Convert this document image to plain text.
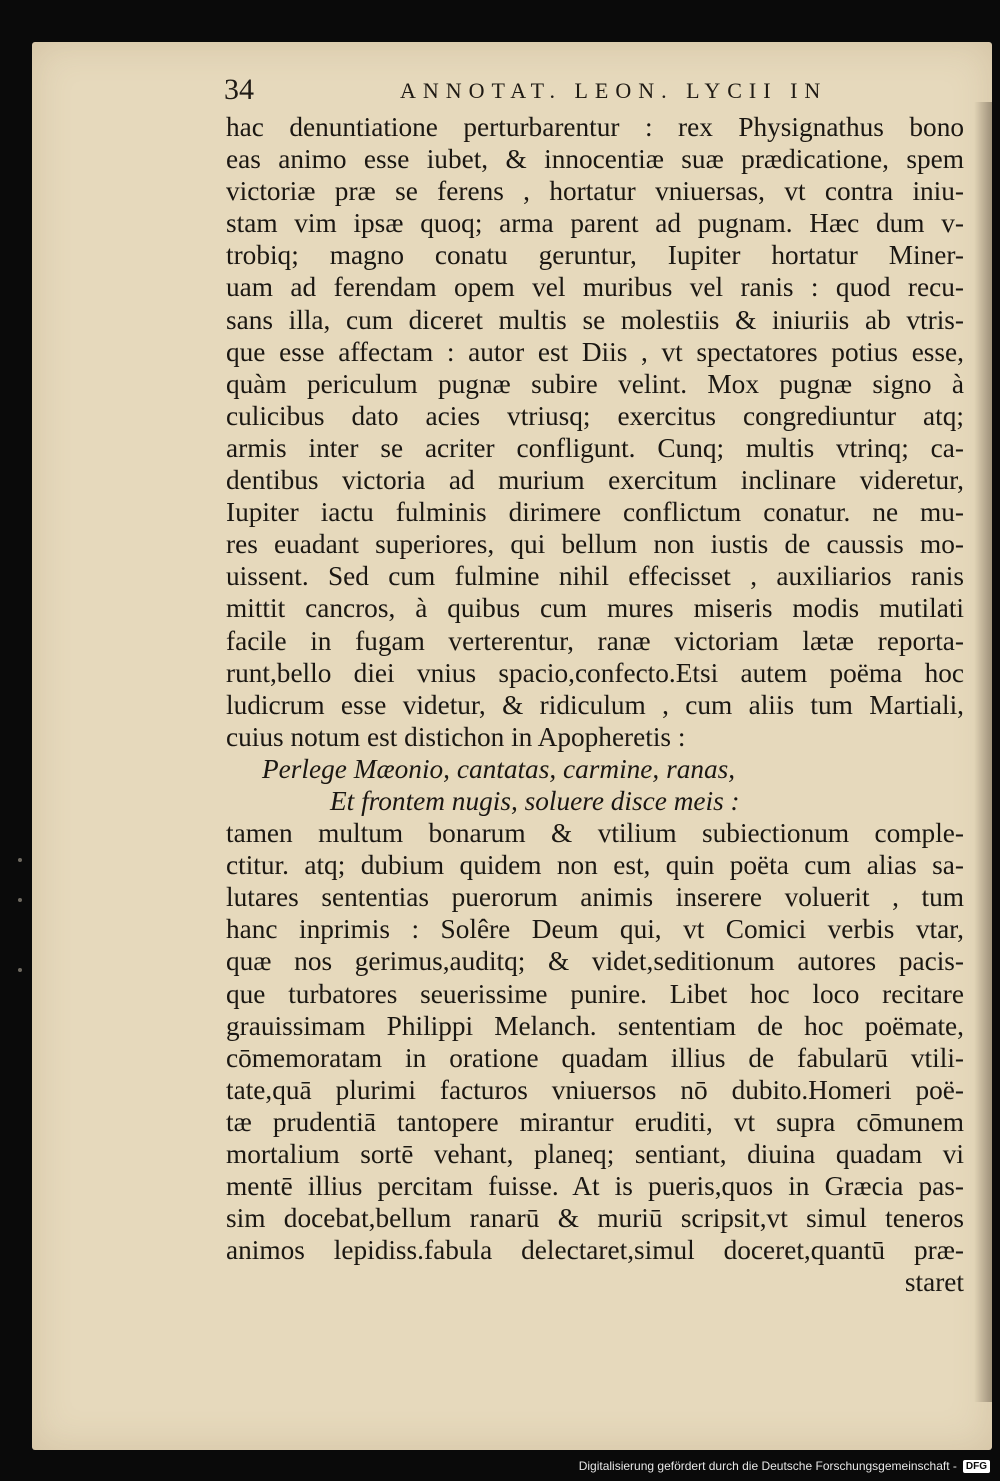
34	ANNOTAT. LEON. LYCII IN
hac denuntiatione perturbarentur : rex Physignathus bono
eas animo esse iubet, & innocentiæ suæ prædicatione, spem
victoriæ præ se ferens , hortatur vniuersas, vt contra iniu-
stam vim ipsæ quoq; arma parent ad pugnam. Hæc dum v-
trobiq; magno conatu geruntur, Iupiter hortatur Miner-
uam ad ferendam opem vel muribus vel ranis : quod recu-
sans illa, cum diceret multis se molestiis & iniuriis ab vtris-
que esse affectam : autor est Diis , vt spectatores potius esse,
quàm periculum pugnæ subire velint. Mox pugnæ signo à
culicibus dato acies vtriusq; exercitus congrediuntur atq;
armis inter se acriter confligunt. Cunq; multis vtrinq; ca-
dentibus victoria ad murium exercitum inclinare videretur,
Iupiter iactu fulminis dirimere conflictum conatur. ne mu-
res euadant superiores, qui bellum non iustis de caussis mo-
uissent. Sed cum fulmine nihil effecisset , auxiliarios ranis
mittit cancros, à quibus cum mures miseris modis mutilati
facile in fugam verterentur, ranæ victoriam lætæ reporta-
runt,bello diei vnius spacio,confecto.Etsi autem poëma hoc
ludicrum esse videtur, & ridiculum , cum aliis tum Martiali,
cuius notum est distichon in Apopheretis :
Perlege Mæonio, cantatas, carmine, ranas,
Et frontem nugis, soluere disce meis :
tamen multum bonarum & vtilium subiectionum comple-
ctitur. atq; dubium quidem non est, quin poëta cum alias sa-
lutares sententias puerorum animis inserere voluerit , tum
hanc inprimis : Solêre Deum qui, vt Comici verbis vtar,
quæ nos gerimus,auditq; & videt,seditionum autores pacis-
que turbatores seuerissime punire. Libet hoc loco recitare
grauissimam Philippi Melanch. sententiam de hoc poëmate,
cōmemoratam in oratione quadam illius de fabularū vtili-
tate,quā plurimi facturos vniuersos nō dubito.Homeri poë-
tæ prudentiā tantopere mirantur eruditi, vt supra cōmunem
mortalium sortē vehant, planeq; sentiant, diuina quadam vi
mentē illius percitam fuisse. At is pueris,quos in Græcia pas-
sim docebat,bellum ranarū & muriū scripsit,vt simul teneros
animos lepidiss.fabula delectaret,simul doceret,quantū præ-
staret
Digitalisierung gefördert durch die Deutsche Forschungsgemeinschaft - DFG
